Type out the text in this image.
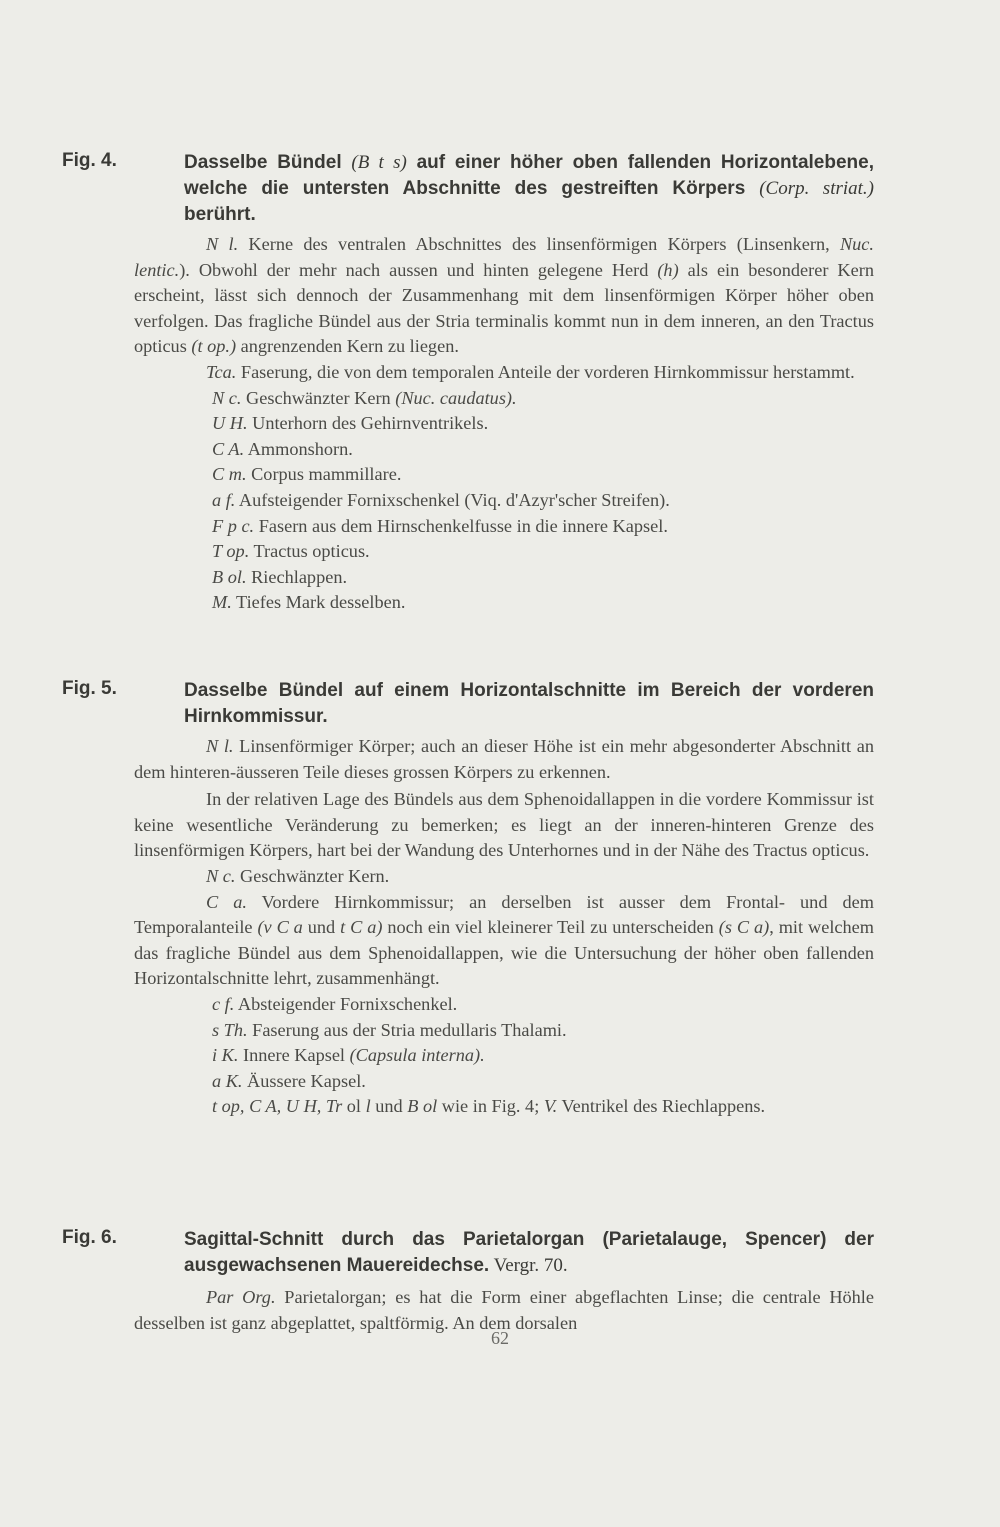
Fig. 4.	Dasselbe Bündel (B t s) auf einer höher oben fallenden Horizontalebene, welche die untersten Abschnitte des gestreiften Körpers (Corp. striat.) berührt.

N l. Kerne des ventralen Abschnittes des linsenförmigen Körpers (Linsenkern, Nuc. lentic.). Obwohl der mehr nach aussen und hinten gelegene Herd (h) als ein besonderer Kern erscheint, lässt sich dennoch der Zusammenhang mit dem linsenförmigen Körper höher oben verfolgen. Das fragliche Bündel aus der Stria terminalis kommt nun in dem inneren, an den Tractus opticus (t op.) angrenzenden Kern zu liegen.

Tca. Faserung, die von dem temporalen Anteile der vorderen Hirnkommissur herstammt.

N c. Geschwänzter Kern (Nuc. caudatus).

U H. Unterhorn des Gehirnventrikels.

C A. Ammonshorn.

C m. Corpus mammillare.

a f. Aufsteigender Fornixschenkel (Viq. d'Azyr'scher Streifen).

F p c. Fasern aus dem Hirnschenkelfusse in die innere Kapsel.

T op. Tractus opticus.

B ol. Riechlappen.

M. Tiefes Mark desselben.

Fig. 5.	Dasselbe Bündel auf einem Horizontalschnitte im Bereich der vorderen Hirnkommissur.

N l. Linsenförmiger Körper; auch an dieser Höhe ist ein mehr abgesonderter Abschnitt an dem hinteren-äusseren Teile dieses grossen Körpers zu erkennen.

In der relativen Lage des Bündels aus dem Sphenoidallappen in die vordere Kommissur ist keine wesentliche Veränderung zu bemerken; es liegt an der inneren-hinteren Grenze des linsenförmigen Körpers, hart bei der Wandung des Unterhornes und in der Nähe des Tractus opticus.

N c. Geschwänzter Kern.

C a. Vordere Hirnkommissur; an derselben ist ausser dem Frontal- und dem Temporalanteile (v C a und t C a) noch ein viel kleinerer Teil zu unterscheiden (s C a), mit welchem das fragliche Bündel aus dem Sphenoidallappen, wie die Untersuchung der höher oben fallenden Horizontalschnitte lehrt, zusammenhängt.

c f. Absteigender Fornixschenkel.

s Th. Faserung aus der Stria medullaris Thalami.

i K. Innere Kapsel (Capsula interna).

a K. Äussere Kapsel.

t op, C A, U H, Tr ol l und B ol wie in Fig. 4; V. Ventrikel des Riechlappens.

Fig. 6.	Sagittal-Schnitt durch das Parietalorgan (Parietalauge, Spencer) der ausgewachsenen Mauereidechse. Vergr. 70.

Par Org. Parietalorgan; es hat die Form einer abgeflachten Linse; die centrale Höhle desselben ist ganz abgeplattet, spaltförmig. An dem dorsalen

62
